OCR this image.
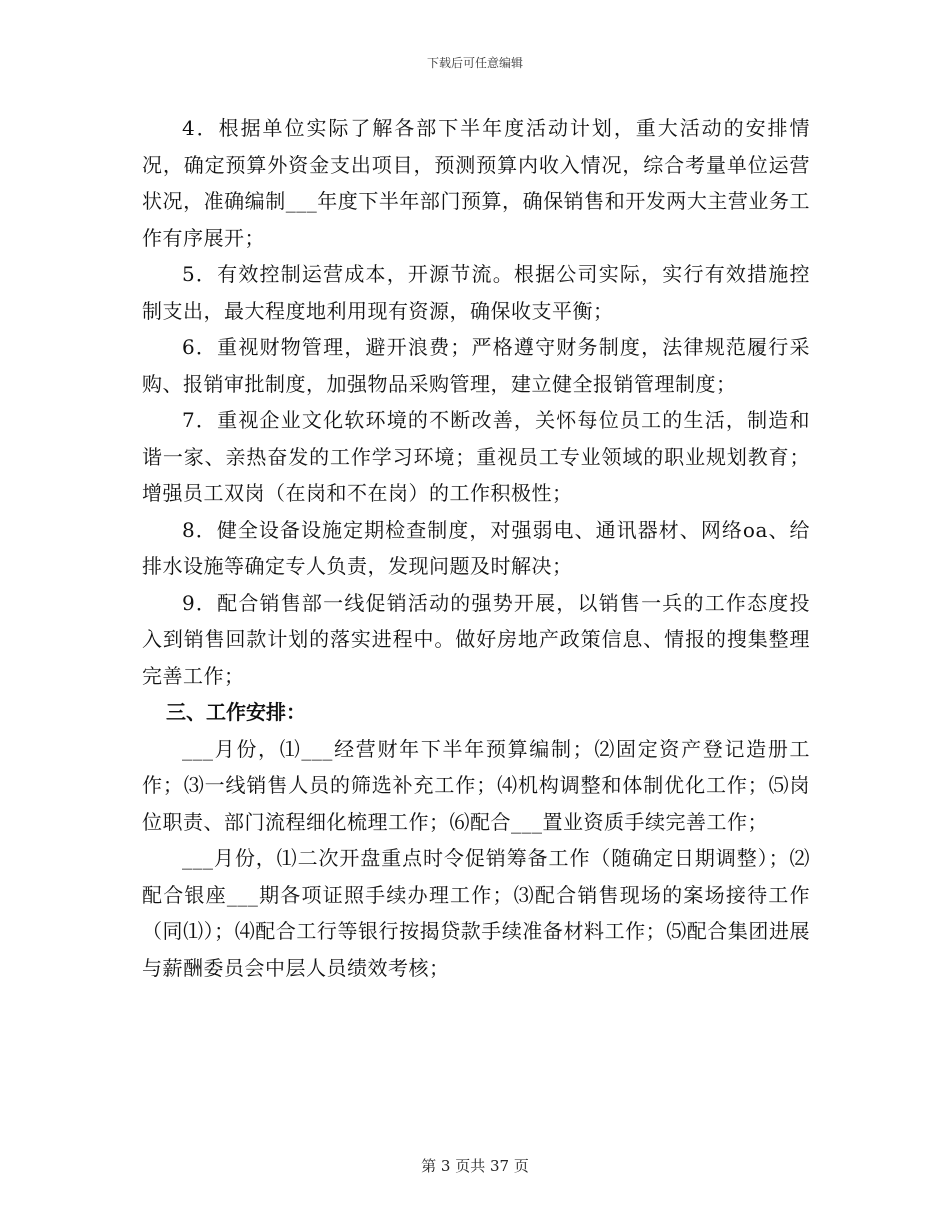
下载后可任意编辑

4．根据单位实际了解各部下半年度活动计划，重大活动的安排情况，确定预算外资金支出项目，预测预算内收入情况，综合考量单位运营状况，准确编制___年度下半年部门预算，确保销售和开发两大主营业务工作有序展开；

5．有效控制运营成本，开源节流。根据公司实际，实行有效措施控制支出，最大程度地利用现有资源，确保收支平衡；

6．重视财物管理，避开浪费；严格遵守财务制度，法律规范履行采购、报销审批制度，加强物品采购管理，建立健全报销管理制度；

7．重视企业文化软环境的不断改善，关怀每位员工的生活，制造和谐一家、亲热奋发的工作学习环境；重视员工专业领域的职业规划教育；增强员工双岗（在岗和不在岗）的工作积极性；

8．健全设备设施定期检查制度，对强弱电、通讯器材、网络oa、给排水设施等确定专人负责，发现问题及时解决；

9．配合销售部一线促销活动的强势开展，以销售一兵的工作态度投入到销售回款计划的落实进程中。做好房地产政策信息、情报的搜集整理完善工作；

三、工作安排：

___月份，⑴___经营财年下半年预算编制；⑵固定资产登记造册工作；⑶一线销售人员的筛选补充工作；⑷机构调整和体制优化工作；⑸岗位职责、部门流程细化梳理工作；⑹配合___置业资质手续完善工作；

___月份，⑴二次开盘重点时令促销筹备工作（随确定日期调整）；⑵配合银座___期各项证照手续办理工作；⑶配合销售现场的案场接待工作（同⑴）；⑷配合工行等银行按揭贷款手续准备材料工作；⑸配合集团进展与薪酬委员会中层人员绩效考核；

第 3 页共 37 页
